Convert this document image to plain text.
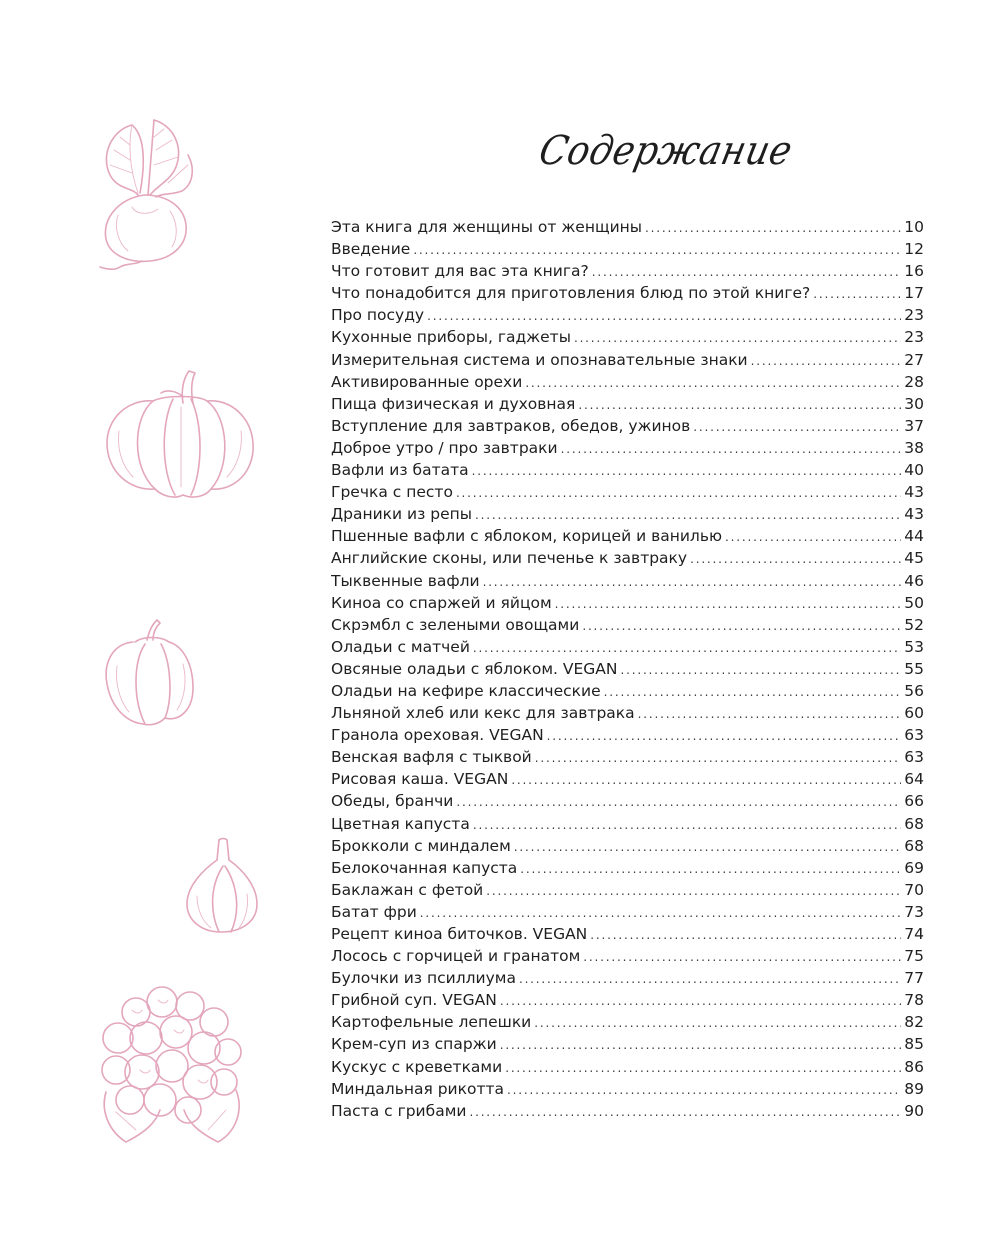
Содержание
Эта книга для женщины от женщины .....	10
Введение .....	12
Что готовит для вас эта книга? .....	16
Что понадобится для приготовления блюд по этой книге? .....	17
Про посуду .....	23
Кухонные приборы, гаджеты .....	23
Измерительная система и опознавательные знаки .....	27
Активированные орехи .....	28
Пища физическая и духовная .....	30
Вступление для завтраков, обедов, ужинов .....	37
Доброе утро / про завтраки .....	38
Вафли из батата .....	40
Гречка с песто .....	43
Драники из репы .....	43
Пшенные вафли с яблоком, корицей и ванилью .....	44
Английские сконы, или печенье к завтраку .....	45
Тыквенные вафли .....	46
Киноа со спаржей и яйцом .....	50
Скрэмбл с зелеными овощами .....	52
Оладьи с матчей .....	53
Овсяные оладьи с яблоком. VEGAN .....	55
Оладьи на кефире классические .....	56
Льняной хлеб или кекс для завтрака .....	60
Гранола ореховая. VEGAN .....	63
Венская вафля с тыквой .....	63
Рисовая каша. VEGAN .....	64
Обеды, бранчи .....	66
Цветная капуста .....	68
Брокколи с миндалем .....	68
Белокочанная капуста .....	69
Баклажан с фетой .....	70
Батат фри .....	73
Рецепт киноа биточков. VEGAN .....	74
Лосось с горчицей и гранатом .....	75
Булочки из псиллиума .....	77
Грибной суп. VEGAN .....	78
Картофельные лепешки .....	82
Крем-суп из спаржи .....	85
Кускус с креветками .....	86
Миндальная рикотта .....	89
Паста с грибами .....	90
